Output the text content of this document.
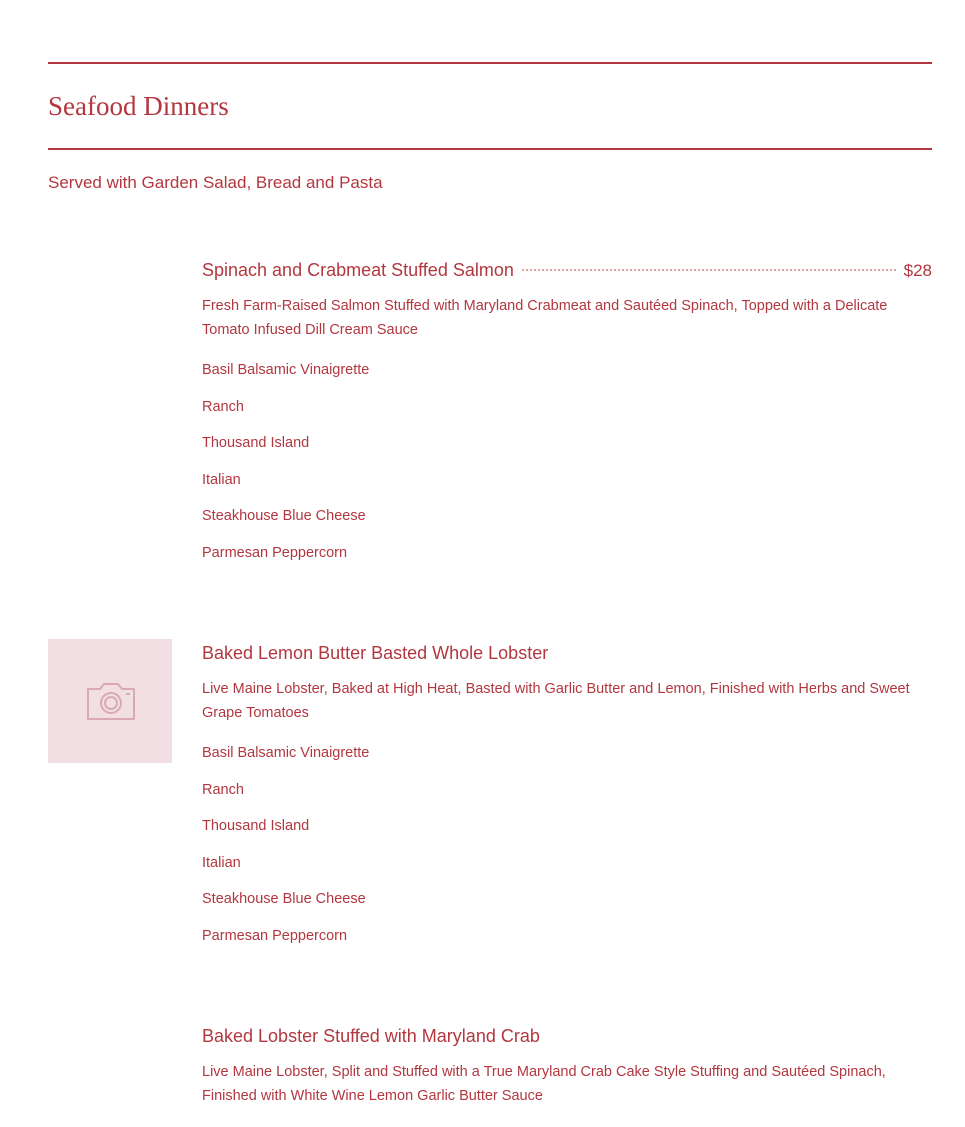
Seafood Dinners
Served with Garden Salad, Bread and Pasta
Spinach and Crabmeat Stuffed Salmon	$28
Fresh Farm-Raised Salmon Stuffed with Maryland Crabmeat and Sautéed Spinach, Topped with a Delicate Tomato Infused Dill Cream Sauce
Basil Balsamic Vinaigrette
Ranch
Thousand Island
Italian
Steakhouse Blue Cheese
Parmesan Peppercorn
Baked Lemon Butter Basted Whole Lobster
Live Maine Lobster, Baked at High Heat, Basted with Garlic Butter and Lemon, Finished with Herbs and Sweet Grape Tomatoes
Basil Balsamic Vinaigrette
Ranch
Thousand Island
Italian
Steakhouse Blue Cheese
Parmesan Peppercorn
Baked Lobster Stuffed with Maryland Crab
Live Maine Lobster, Split and Stuffed with a True Maryland Crab Cake Style Stuffing and Sautéed Spinach, Finished with White Wine Lemon Garlic Butter Sauce
